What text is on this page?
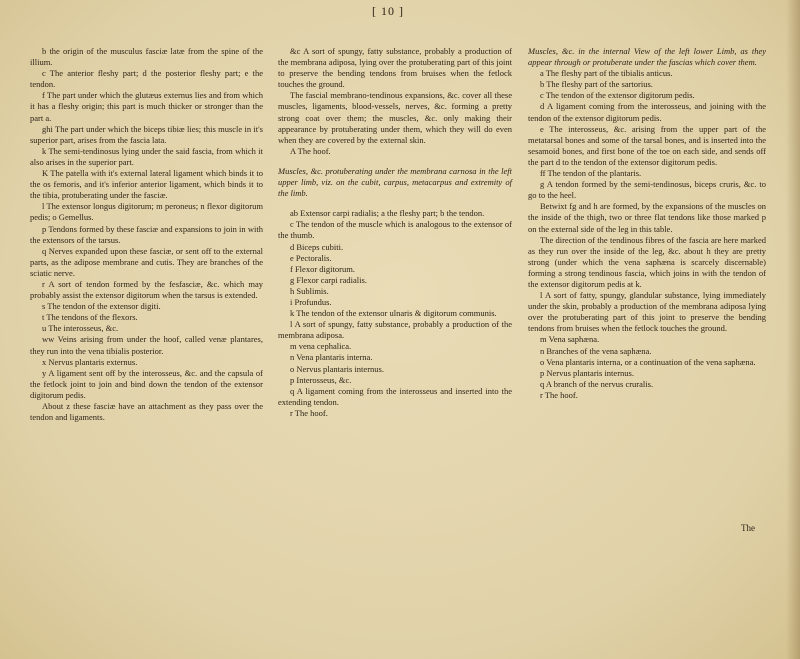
[ 10 ]

b the origin of the musculus fasciæ latæ from the spine of the illium.

c The anterior fleshy part; d the posterior fleshy part; e the tendon.

f The part under which the glutæus externus lies and from which it has a fleshy origin; this part is much thicker or stronger than the part a.

ghi The part under which the biceps tibiæ lies; this muscle in it's superior part, arises from the fascia lata.

k The semi-tendinosus lying under the said fascia, from which it also arises in the superior part.

K The patella with it's external lateral ligament which binds it to the os femoris, and it's inferior anterior ligament, which binds it to the tibia, protuberating under the fasciæ.

l The extensor longus digitorum; m peroneus; n flexor digitorum pedis; o Gemellus.

p Tendons formed by these fasciæ and expansions to join in with the extensors of the tarsus.

q Nerves expanded upon these fasciæ, or sent off to the external parts, as the adipose membrane and cutis. They are branches of the sciatic nerve.

r A sort of tendon formed by the fesfasciæ, &c. which may probably assist the extensor digitorum when the tarsus is extended.

s The tendon of the extensor digiti.

t The tendons of the flexors.

u The interosseus, &c.

ww Veins arising from under the hoof, called venæ plantares, they run into the vena tibialis posterior.

x Nervus plantaris externus.

y A ligament sent off by the interosseus, &c. and the capsula of the fetlock joint to join and bind down the tendon of the extensor digitorum pedis.

About z these fasciæ have an attachment as they pass over the tendon and ligaments.

&c A sort of spungy, fatty substance, probably a production of the membrana adiposa, lying over the protuberating part of this joint to preserve the bending tendons from bruises when the fetlock touches the ground.

The fascial membrano-tendinous expansions, &c. cover all these muscles, ligaments, blood-vessels, nerves, &c. forming a pretty strong coat over them; the muscles, &c. only making their appearance by protuberating under them, which they will do even when they are covered by the external skin.

A The hoof.

Muscles, &c. protuberating under the membrana carnosa in the left upper limb, viz. on the cubit, carpus, metacarpus and extremity of the limb.

ab Extensor carpi radialis; a the fleshy part; b the tendon.

c The tendon of the muscle which is analogous to the extensor of the thumb.

d Biceps cubiti.

e Pectoralis.

f Flexor digitorum.

g Flexor carpi radialis.

h Sublimis.

i Profundus.

k The tendon of the extensor ulnaris & digitorum communis.

l A sort of spungy, fatty substance, probably a production of the membrana adiposa.

m vena cephalica.

n Vena plantaris interna.

o Nervus plantaris internus.

p Interosseus, &c.

q A ligament coming from the interosseus and inserted into the extending tendon.

r The hoof.

Muscles, &c. in the internal View of the left lower Limb, as they appear through or protuberate under the fascias which cover them.

a The fleshy part of the tibialis anticus.

b The fleshy part of the sartorius.

c The tendon of the extensor digitorum pedis.

d A ligament coming from the interosseus, and joining with the tendon of the extensor digitorum pedis.

e The interosseus, &c. arising from the upper part of the metatarsal bones and some of the tarsal bones, and is inserted into the sesamoid bones, and first bone of the toe on each side, and sends off the part d to the tendon of the extensor digitorum pedis.

ff The tendon of the plantaris.

g A tendon formed by the semi-tendinosus, biceps cruris, &c. to go to the heel.

Betwixt fg and h are formed, by the expansions of the muscles on the inside of the thigh, two or three flat tendons like those marked p on the external side of the leg in this table.

The direction of the tendinous fibres of the fascia are here marked as they run over the inside of the leg, &c. about h they are pretty strong (under which the vena saphæna is scarcely discernable) forming a strong tendinous fascia, which joins in with the tendon of the extensor digitorum pedis at k.

l A sort of fatty, spungy, glandular substance, lying immediately under the skin, probably a production of the membrana adiposa lying over the protuberating part of this joint to preserve the bending tendons from bruises when the fetlock touches the ground.

m Vena saphæna.

n Branches of the vena saphæna.

o Vena plantaris interna, or a continuation of the vena saphæna.

p Nervus plantaris internus.

q A branch of the nervus cruralis.

r The hoof.

The
